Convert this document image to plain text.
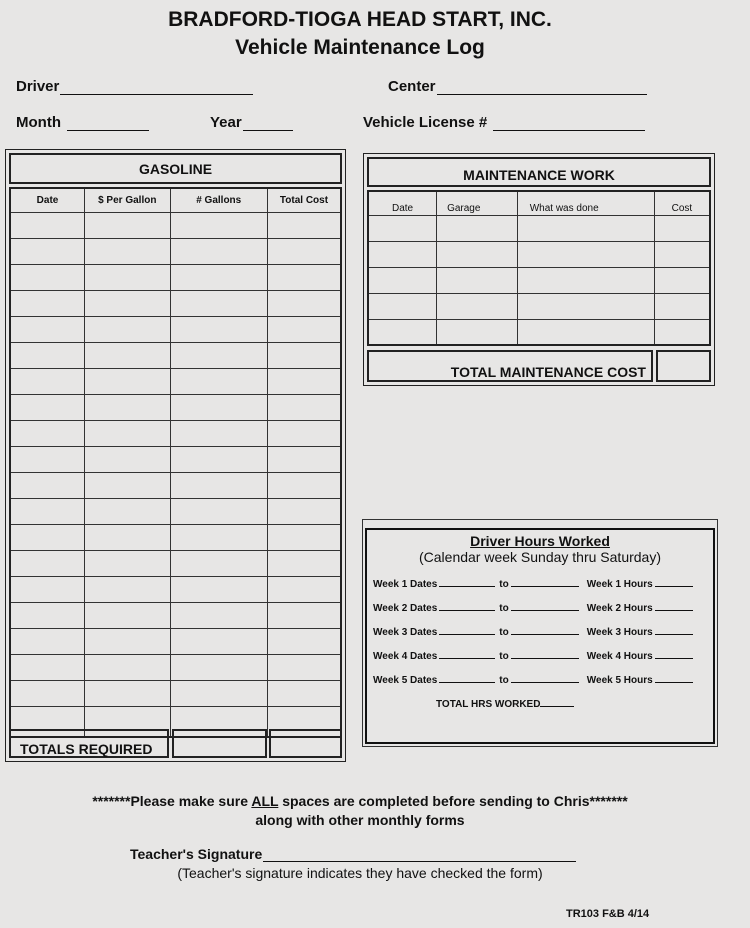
BRADFORD-TIOGA HEAD START, INC.
Vehicle Maintenance Log
Driver	Center
Month	Year	Vehicle License #
GASOLINE
Date	$ Per Gallon	# Gallons	Total Cost

TOTALS REQUIRED
MAINTENANCE WORK
Date	Garage	What was done	Cost

TOTAL MAINTENANCE COST
Driver Hours Worked
(Calendar week Sunday thru Saturday)
Week 1 Dates	to	Week 1 Hours
Week 2 Dates	to	Week 2 Hours
Week 3 Dates	to	Week 3 Hours
Week 4 Dates	to	Week 4 Hours
Week 5 Dates	to	Week 5 Hours
TOTAL HRS WORKED
*******Please make sure ALL spaces are completed before sending to Chris*******
along with other monthly forms
Teacher's Signature
(Teacher's signature indicates they have checked the form)
TR103 F&B 4/14
